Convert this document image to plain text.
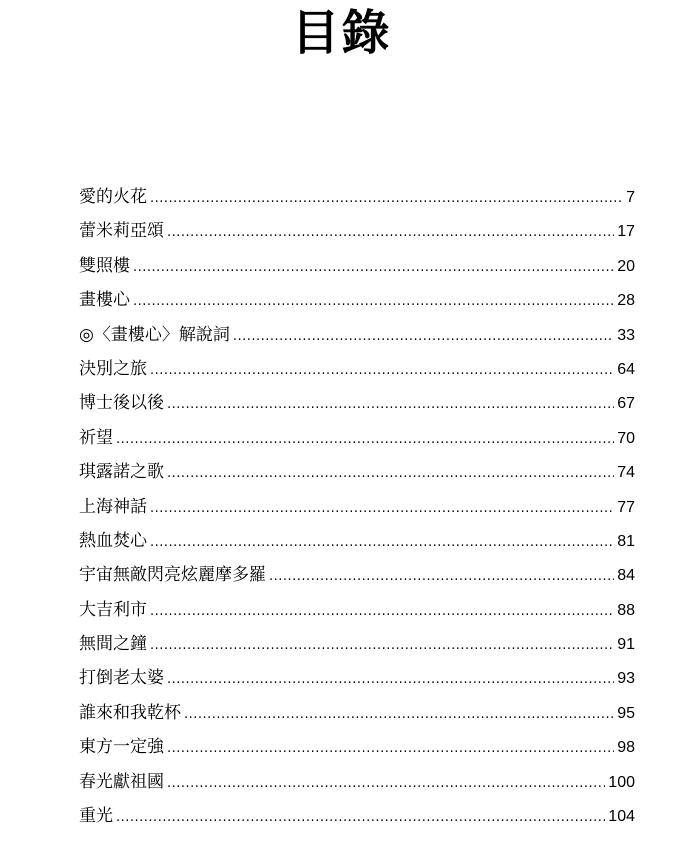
目錄
愛的火花 .....	7
蕾米莉亞頌 .....	17
雙照樓 .....	20
畫樓心 .....	28
◎〈畫樓心〉解說詞 .....	33
決別之旅 .....	64
博士後以後 .....	67
祈望 .....	70
琪露諾之歌 .....	74
上海神話 .....	77
熱血焚心 .....	81
宇宙無敵閃亮炫麗摩多羅 .....	84
大吉利市 .....	88
無間之鐘 .....	91
打倒老太婆 .....	93
誰來和我乾杯 .....	95
東方一定強 .....	98
春光獻祖國 .....	100
重光 .....	104
